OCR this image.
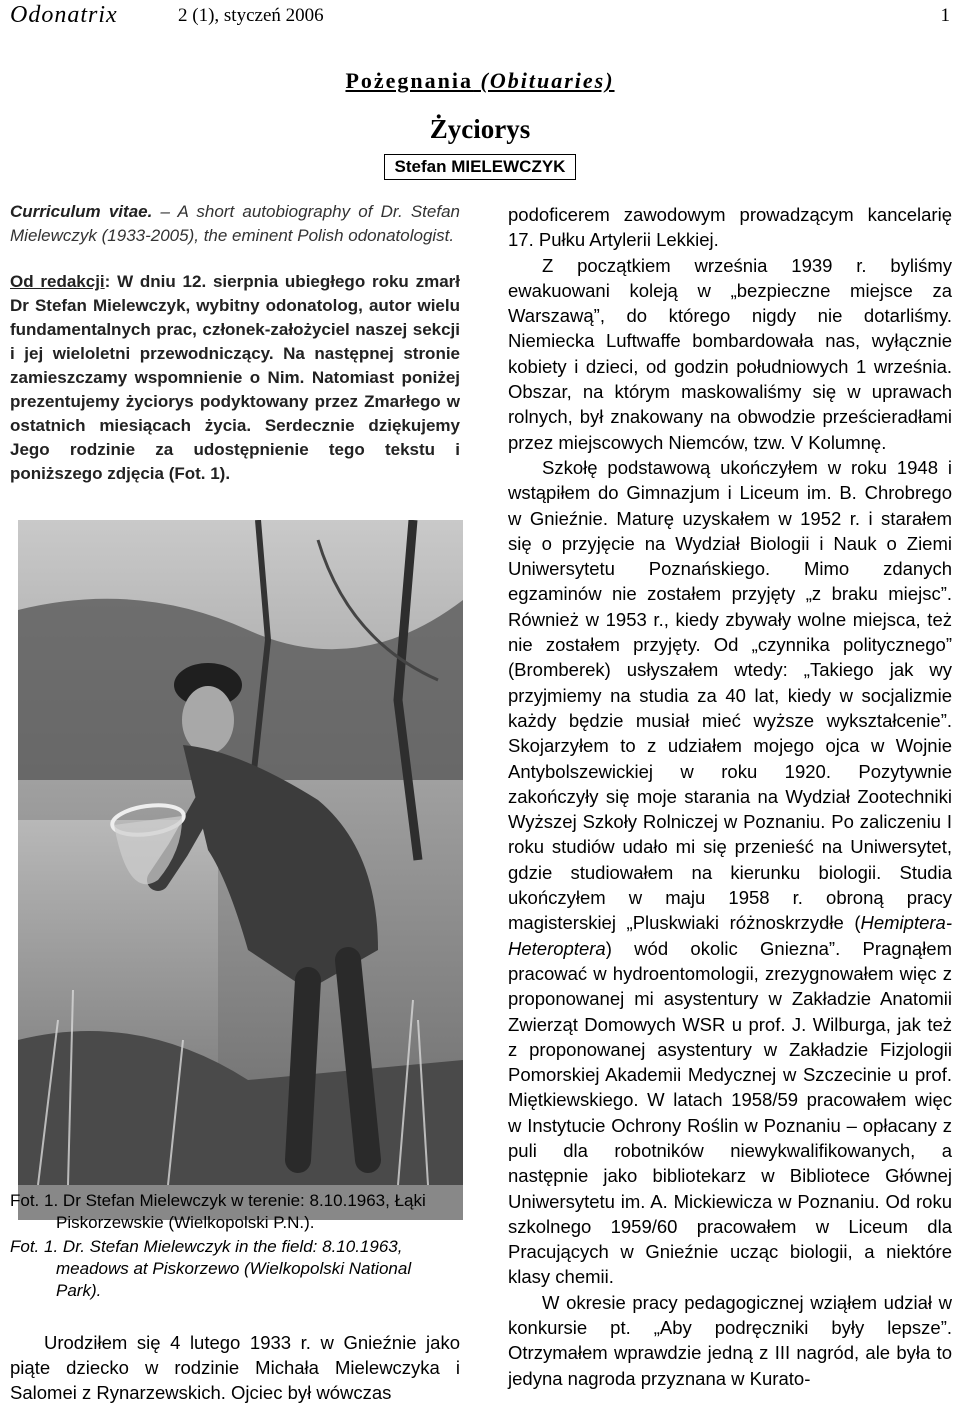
Odonatrix	2 (1), styczeń 2006	1
Pożegnania (Obituaries)
Życiorys
Stefan MIELEWCZYK
Curriculum vitae. – A short autobiography of Dr. Stefan Mielewczyk (1933-2005), the eminent Polish odonatologist.
Od redakcji: W dniu 12. sierpnia ubiegłego roku zmarł Dr Stefan Mielewczyk, wybitny odonatolog, autor wielu fundamentalnych prac, członek-założyciel naszej sekcji i jej wieloletni przewodniczący. Na następnej stronie zamieszczamy wspomnienie o Nim. Natomiast poniżej prezentujemy życiorys podyktowany przez Zmarłego w ostatnich miesiącach życia. Serdecznie dziękujemy Jego rodzinie za udostępnienie tego tekstu i poniższego zdjęcia (Fot. 1).
Fot. 1. Dr Stefan Mielewczyk w terenie: 8.10.1963, Łąki Piskorzewskie (Wielkopolski P.N.).
Fot. 1. Dr. Stefan Mielewczyk in the field: 8.10.1963, meadows at Piskorzewo (Wielkopolski National Park).

Urodziłem się 4 lutego 1933 r. w Gnieźnie jako piąte dziecko w rodzinie Michała Mielewczyka i Salomei z Rynarzewskich. Ojciec był wówczas

podoficerem zawodowym prowadzącym kancelarię 17. Pułku Artylerii Lekkiej.

Z początkiem września 1939 r. byliśmy ewakuowani koleją w „bezpieczne miejsce za Warszawą”, do którego nigdy nie dotarliśmy. Niemiecka Luftwaffe bombardowała nas, wyłącznie kobiety i dzieci, od godzin południowych 1 września. Obszar, na którym maskowaliśmy się w uprawach rolnych, był znakowany na obwodzie prześcieradłami przez miejscowych Niemców, tzw. V Kolumnę.

Szkołę podstawową ukończyłem w roku 1948 i wstąpiłem do Gimnazjum i Liceum im. B. Chrobrego w Gnieźnie. Maturę uzyskałem w 1952 r. i starałem się o przyjęcie na Wydział Biologii i Nauk o Ziemi Uniwersytetu Poznańskiego. Mimo zdanych egzaminów nie zostałem przyjęty „z braku miejsc”. Również w 1953 r., kiedy zbywały wolne miejsca, też nie zostałem przyjęty. Od „czynnika politycznego” (Bromberek) usłyszałem wtedy: „Takiego jak wy przyjmiemy na studia za 40 lat, kiedy w socjalizmie każdy będzie musiał mieć wyższe wykształcenie”. Skojarzyłem to z udziałem mojego ojca w Wojnie Antybolszewickiej w roku 1920. Pozytywnie zakończyły się moje starania na Wydział Zootechniki Wyższej Szkoły Rolniczej w Poznaniu. Po zaliczeniu I roku studiów udało mi się przenieść na Uniwersytet, gdzie studiowałem na kierunku biologii. Studia ukończyłem w maju 1958 r. obroną pracy magisterskiej „Pluskwiaki różnoskrzydłe (Hemiptera-Heteroptera) wód okolic Gniezna”. Pragnąłem pracować w hydroentomologii, zrezygnowałem więc z proponowanej mi asystentury w Zakładzie Anatomii Zwierząt Domowych WSR u prof. J. Wilburga, jak też z proponowanej asystentury w Zakładzie Fizjologii Pomorskiej Akademii Medycznej w Szczecinie u prof. Miętkiewskiego. W latach 1958/59 pracowałem więc w Instytucie Ochrony Roślin w Poznaniu – opłacany z puli dla robotników niewykwalifikowanych, a następnie jako bibliotekarz w Bibliotece Głównej Uniwersytetu im. A. Mickiewicza w Poznaniu. Od roku szkolnego 1959/60 pracowałem w Liceum dla Pracujących w Gnieźnie ucząc biologii, a niektóre klasy chemii.

W okresie pracy pedagogicznej wziąłem udział w konkursie pt. „Aby podręczniki były lepsze”. Otrzymałem wprawdzie jedną z III nagród, ale była to jedyna nagroda przyznana w Kurato-
